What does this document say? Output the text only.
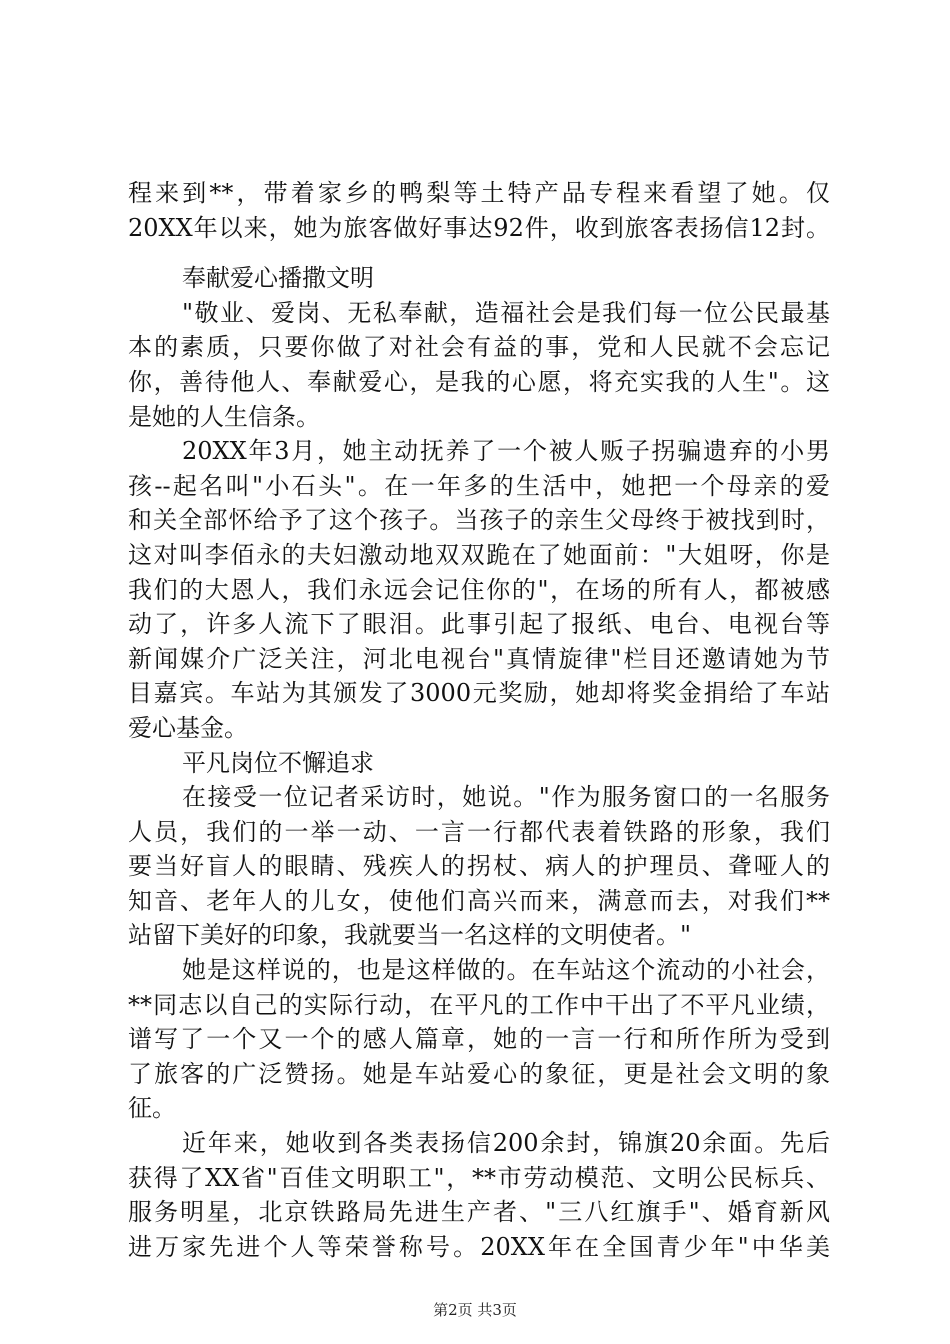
程来到**，带着家乡的鸭梨等土特产品专程来看望了她。仅
20XX年以来，她为旅客做好事达92件，收到旅客表扬信12封。
奉献爱心播撒文明
"敬业、爱岗、无私奉献，造福社会是我们每一位公民最基
本的素质，只要你做了对社会有益的事，党和人民就不会忘记
你，善待他人、奉献爱心，是我的心愿，将充实我的人生"。这
是她的人生信条。
20XX年3月，她主动抚养了一个被人贩子拐骗遗弃的小男
孩--起名叫"小石头"。在一年多的生活中，她把一个母亲的爱
和关全部怀给予了这个孩子。当孩子的亲生父母终于被找到时，
这对叫李佰永的夫妇激动地双双跪在了她面前："大姐呀，你是
我们的大恩人，我们永远会记住你的"，在场的所有人，都被感
动了，许多人流下了眼泪。此事引起了报纸、电台、电视台等
新闻媒介广泛关注，河北电视台"真情旋律"栏目还邀请她为节
目嘉宾。车站为其颁发了3000元奖励，她却将奖金捐给了车站
爱心基金。
平凡岗位不懈追求
在接受一位记者采访时，她说。"作为服务窗口的一名服务
人员，我们的一举一动、一言一行都代表着铁路的形象，我们
要当好盲人的眼睛、残疾人的拐杖、病人的护理员、聋哑人的
知音、老年人的儿女，使他们高兴而来，满意而去，对我们**
站留下美好的印象，我就要当一名这样的文明使者。"
她是这样说的，也是这样做的。在车站这个流动的小社会，
**同志以自己的实际行动，在平凡的工作中干出了不平凡业绩，
谱写了一个又一个的感人篇章，她的一言一行和所作所为受到
了旅客的广泛赞扬。她是车站爱心的象征，更是社会文明的象
征。
近年来，她收到各类表扬信200余封，锦旗20余面。先后
获得了XX省"百佳文明职工"，**市劳动模范、文明公民标兵、
服务明星，北京铁路局先进生产者、"三八红旗手"、婚育新风
进万家先进个人等荣誉称号。20XX年在全国青少年"中华美
第2页 共3页
